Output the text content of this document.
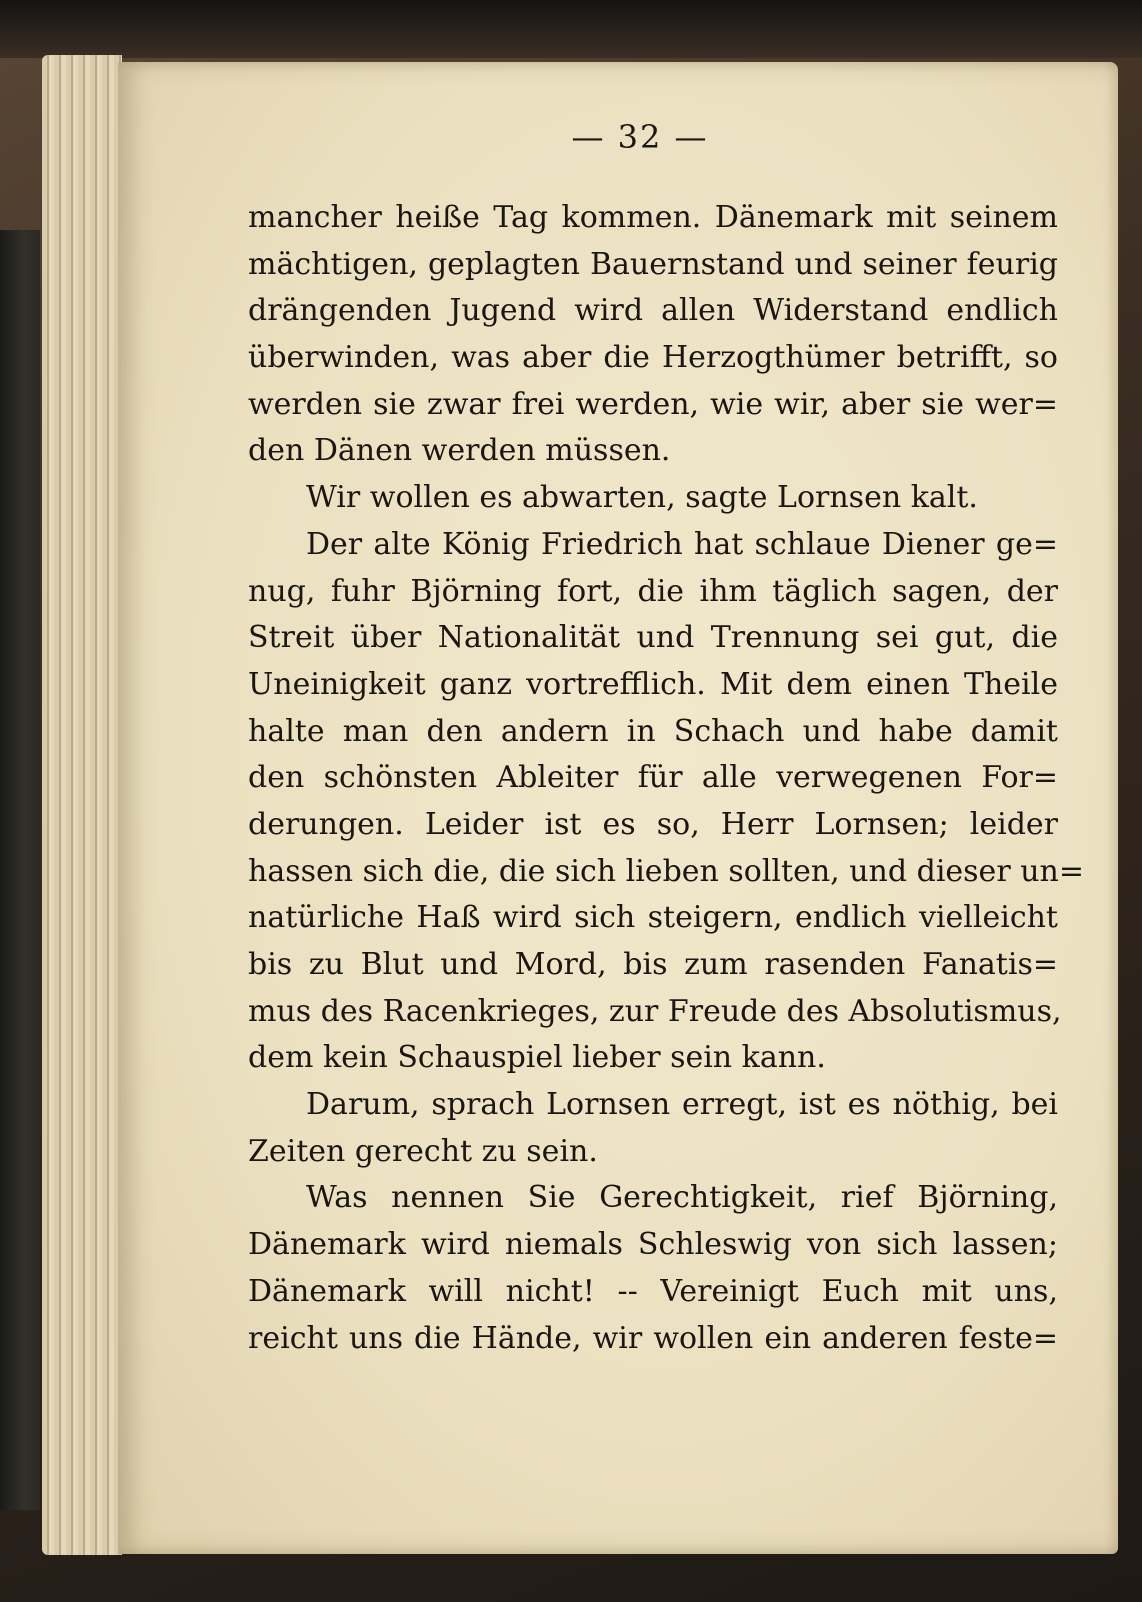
— 32 —
mancher heiße Tag kommen. Dänemark mit seinem
mächtigen, geplagten Bauernstand und seiner feurig
drängenden Jugend wird allen Widerstand endlich
überwinden, was aber die Herzogthümer betrifft, so
werden sie zwar frei werden, wie wir, aber sie wer=
den Dänen werden müssen.
Wir wollen es abwarten, sagte Lornsen kalt.
Der alte König Friedrich hat schlaue Diener ge=
nug, fuhr Björning fort, die ihm täglich sagen, der
Streit über Nationalität und Trennung sei gut, die
Uneinigkeit ganz vortrefflich. Mit dem einen Theile
halte man den andern in Schach und habe damit
den schönsten Ableiter für alle verwegenen For=
derungen. Leider ist es so, Herr Lornsen; leider
hassen sich die, die sich lieben sollten, und dieser un=
natürliche Haß wird sich steigern, endlich vielleicht
bis zu Blut und Mord, bis zum rasenden Fanatis=
mus des Racenkrieges, zur Freude des Absolutismus,
dem kein Schauspiel lieber sein kann.
Darum, sprach Lornsen erregt, ist es nöthig, bei
Zeiten gerecht zu sein.
Was nennen Sie Gerechtigkeit, rief Björning,
Dänemark wird niemals Schleswig von sich lassen;
Dänemark will nicht! -- Vereinigt Euch mit uns,
reicht uns die Hände, wir wollen ein anderen feste=
